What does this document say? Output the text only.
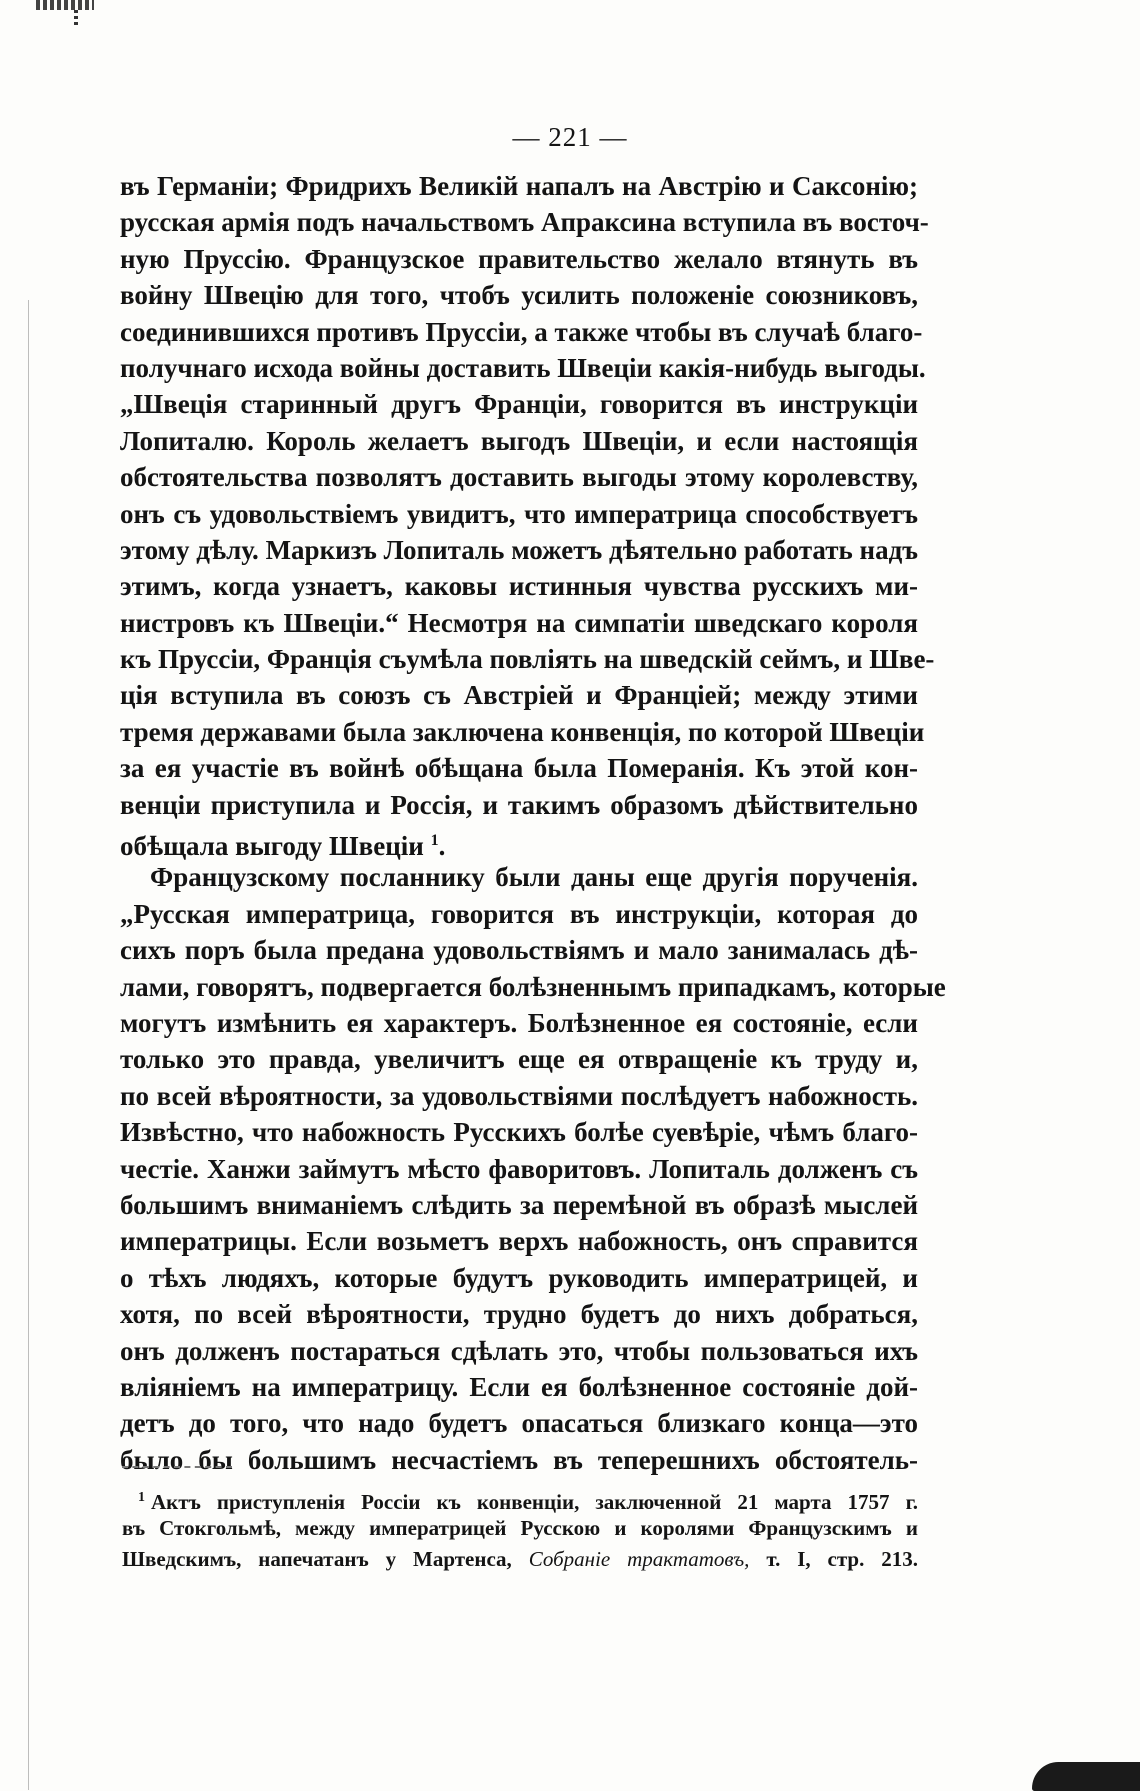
— 221 —
въ Германіи; Фридрихъ Великій напалъ на Австрію и Саксонію;
русская армія подъ начальствомъ Апраксина вступила въ восточ-
ную Пруссію. Французское правительство желало втянуть въ
войну Швецію для того, чтобъ усилить положеніе союзниковъ,
соединившихся противъ Пруссіи, а также чтобы въ случаѣ благо-
получнаго исхода войны доставить Швеціи какія-нибудь выгоды.
„Швеція старинный другъ Франціи, говорится въ инструкціи
Лопиталю. Король желаетъ выгодъ Швеціи, и если настоящія
обстоятельства позволятъ доставить выгоды этому королевству,
онъ съ удовольствіемъ увидитъ, что императрица способствуетъ
этому дѣлу. Маркизъ Лопиталь можетъ дѣятельно работать надъ
этимъ, когда узнаетъ, каковы истинныя чувства русскихъ ми-
нистровъ къ Швеціи.“ Несмотря на симпатіи шведскаго короля
къ Пруссіи, Франція съумѣла повліять на шведскій сеймъ, и Шве-
ція вступила въ союзъ съ Австріей и Франціей; между этими
тремя державами была заключена конвенція, по которой Швеціи
за ея участіе въ войнѣ обѣщана была Померанія. Къ этой кон-
венціи приступила и Россія, и такимъ образомъ дѣйствительно
обѣщала выгоду Швеціи $^1$.
Французскому посланнику были даны еще другія порученія.
„Русская императрица, говорится въ инструкціи, которая до
сихъ поръ была предана удовольствіямъ и мало занималась дѣ-
лами, говорятъ, подвергается болѣзненнымъ припадкамъ, которые
могутъ измѣнить ея характеръ. Болѣзненное ея состояніе, если
только это правда, увеличитъ еще ея отвращеніе къ труду и,
по всей вѣроятности, за удовольствіями послѣдуетъ набожность.
Извѣстно, что набожность Русскихъ болѣе суевѣріе, чѣмъ благо-
честіе. Ханжи займутъ мѣсто фаворитовъ. Лопиталь долженъ съ
большимъ вниманіемъ слѣдить за перемѣной въ образѣ мыслей
императрицы. Если возьметъ верхъ набожность, онъ справится
о тѣхъ людяхъ, которые будутъ руководить императрицей, и
хотя, по всей вѣроятности, трудно будетъ до нихъ добраться,
онъ долженъ постараться сдѣлать это, чтобы пользоваться ихъ
вліяніемъ на императрицу. Если ея болѣзненное состояніе дой-
детъ до того, что надо будетъ опасаться близкаго конца—это
было бы большимъ несчастіемъ въ теперешнихъ обстоятель-
$^1$ Актъ приступленія Россіи къ конвенціи, заключенной 21 марта 1757 г.
въ Стокгольмѣ, между императрицей Русскою и королями Французскимъ и
Шведскимъ, напечатанъ у Мартенса, Собраніе трактатовъ, т. I, стр. 213.
